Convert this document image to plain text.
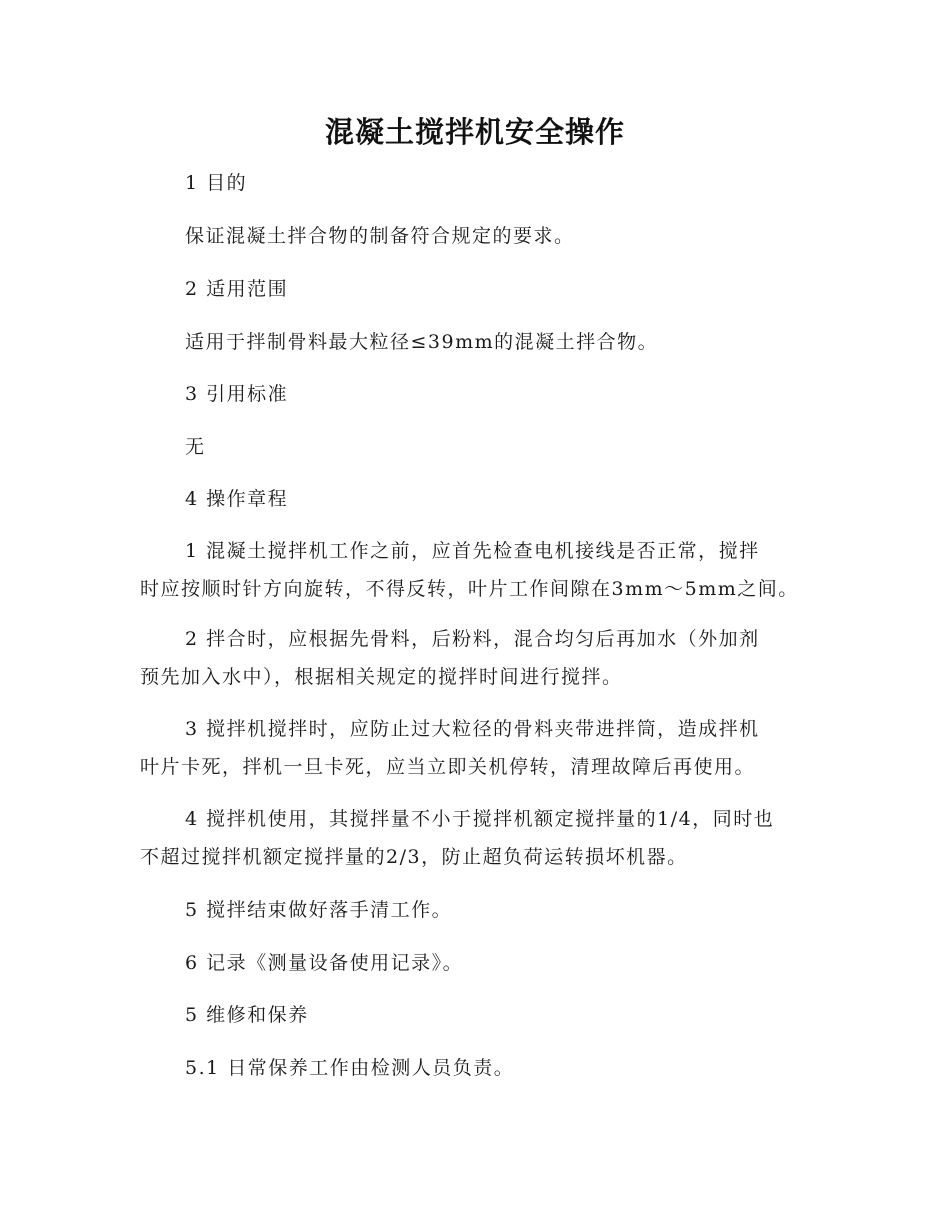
混凝土搅拌机安全操作
1 目的
保证混凝土拌合物的制备符合规定的要求。
2 适用范围
适用于拌制骨料最大粒径≤39mm的混凝土拌合物。
3 引用标准
无
4 操作章程
1 混凝土搅拌机工作之前，应首先检查电机接线是否正常，搅拌
时应按顺时针方向旋转，不得反转，叶片工作间隙在3mm～5mm之间。
2 拌合时，应根据先骨料，后粉料，混合均匀后再加水（外加剂
预先加入水中），根据相关规定的搅拌时间进行搅拌。
3 搅拌机搅拌时，应防止过大粒径的骨料夹带进拌筒，造成拌机
叶片卡死，拌机一旦卡死，应当立即关机停转，清理故障后再使用。
4 搅拌机使用，其搅拌量不小于搅拌机额定搅拌量的1/4，同时也
不超过搅拌机额定搅拌量的2/3，防止超负荷运转损坏机器。
5 搅拌结束做好落手清工作。
6 记录《测量设备使用记录》。
5 维修和保养
5.1 日常保养工作由检测人员负责。
